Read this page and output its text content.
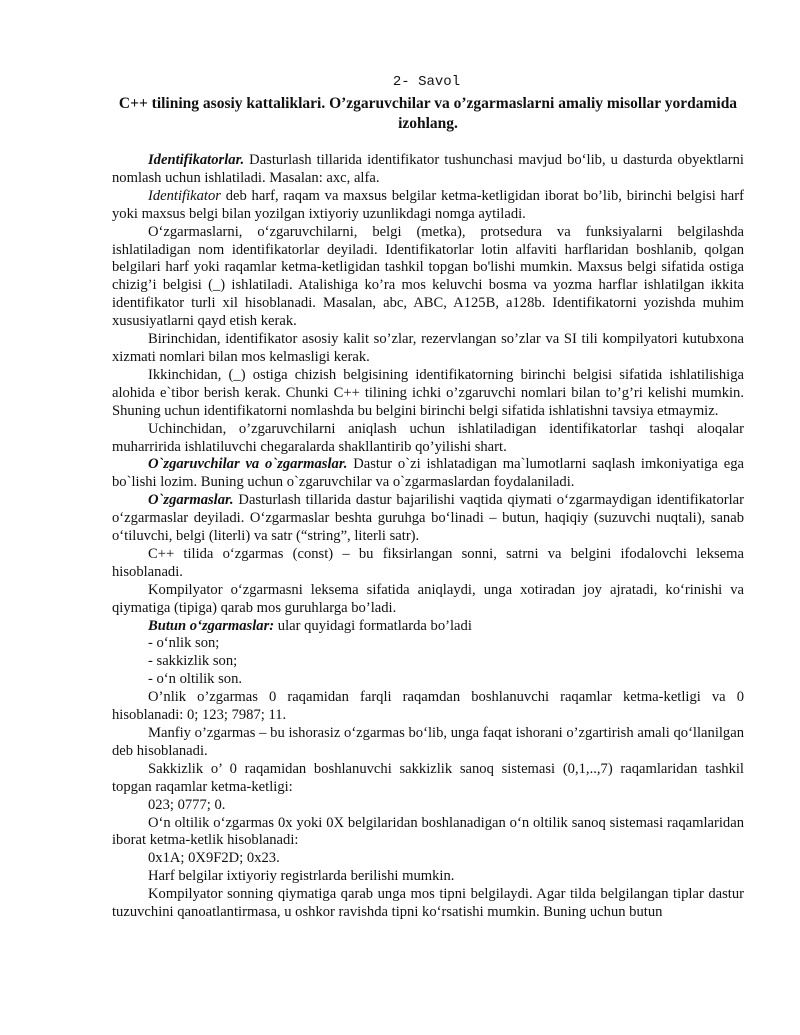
2- Savol
C++ tilining asosiy kattaliklari. O’zgaruvchilar va o’zgarmaslarni amaliy misollar yordamida izohlang.

Identifikatorlar. Dasturlash tillarida identifikator tushunchasi mavjud bo‘lib, u dasturda obyektlarni nomlash uchun ishlatiladi. Masalan: axc, alfa.

Identifikator deb harf, raqam va maxsus belgilar ketma-ketligidan iborat bo’lib, birinchi belgisi harf yoki maxsus belgi bilan yozilgan ixtiyoriy uzunlikdagi nomga aytiladi.

O‘zgarmaslarni, o‘zgaruvchilarni, belgi (metka), protsedura va funksiyalarni belgilashda ishlatiladigan nom identifikatorlar deyiladi. Identifikatorlar lotin alfaviti harflaridan boshlanib, qolgan belgilari harf yoki raqamlar ketma-ketligidan tashkil topgan bo'lishi mumkin. Maxsus belgi sifatida ostiga chizig’i belgisi (_) ishlatiladi. Atalishiga ko’ra mos keluvchi bosma va yozma harflar ishlatilgan ikkita identifikator turli xil hisoblanadi. Masalan, abc, ABC, A125B, a128b. Identifikatorni yozishda muhim xususiyatlarni qayd etish kerak.

Birinchidan, identifikator asosiy kalit so’zlar, rezervlangan so’zlar va SI tili kompilyatori kutubxona xizmati nomlari bilan mos kelmasligi kerak.

Ikkinchidan, (_) ostiga chizish belgisining identifikatorning birinchi belgisi sifatida ishlatilishiga alohida e`tibor berish kerak. Chunki C++ tilining ichki o’zgaruvchi nomlari bilan to’g’ri kelishi mumkin. Shuning uchun identifikatorni nomlashda bu belgini birinchi belgi sifatida ishlatishni tavsiya etmaymiz.

Uchinchidan, o’zgaruvchilarni aniqlash uchun ishlatiladigan identifikatorlar tashqi aloqalar muharririda ishlatiluvchi chegaralarda shakllantirib qo’yilishi shart.

O`zgaruvchilar va o`zgarmaslar. Dastur o`zi ishlatadigan ma`lumotlarni saqlash imkoniyatiga ega bo`lishi lozim. Buning uchun o`zgaruvchilar va o`zgarmaslardan foydalaniladi.

O`zgarmaslar. Dasturlash tillarida dastur bajarilishi vaqtida qiymati o‘zgarmaydigan identifikatorlar o‘zgarmaslar deyiladi. O‘zgarmaslar beshta guruhga bo‘linadi – butun, haqiqiy (suzuvchi nuqtali), sanab o‘tiluvchi, belgi (literli) va satr (“string”, literli satr).

C++ tilida o‘zgarmas (const) – bu fiksirlangan sonni, satrni va belgini ifodalovchi leksema hisoblanadi.

Kompilyator o‘zgarmasni leksema sifatida aniqlaydi, unga xotiradan joy ajratadi, ko‘rinishi va qiymatiga (tipiga) qarab mos guruhlarga bo’ladi.

Butun o‘zgarmaslar: ular quyidagi formatlarda bo’ladi

- o‘nlik son;

- sakkizlik son;

- o‘n oltilik son.

O’nlik o’zgarmas 0 raqamidan farqli raqamdan boshlanuvchi raqamlar ketma-ketligi va 0 hisoblanadi: 0; 123; 7987; 11.

Manfiy o’zgarmas – bu ishorasiz o‘zgarmas bo‘lib, unga faqat ishorani o’zgartirish amali qo‘llanilgan deb hisoblanadi.

Sakkizlik o’ 0 raqamidan boshlanuvchi sakkizlik sanoq sistemasi (0,1,..,7) raqamlaridan tashkil topgan raqamlar ketma-ketligi:

023; 0777; 0.

O‘n oltilik o‘zgarmas 0x yoki 0X belgilaridan boshlanadigan o‘n oltilik sanoq sistemasi raqamlaridan iborat ketma-ketlik hisoblanadi:

0x1A; 0X9F2D; 0x23.

Harf belgilar ixtiyoriy registrlarda berilishi mumkin.

Kompilyator sonning qiymatiga qarab unga mos tipni belgilaydi. Agar tilda belgilangan tiplar dastur tuzuvchini qanoatlantirmasa, u oshkor ravishda tipni ko‘rsatishi mumkin. Buning uchun butun
